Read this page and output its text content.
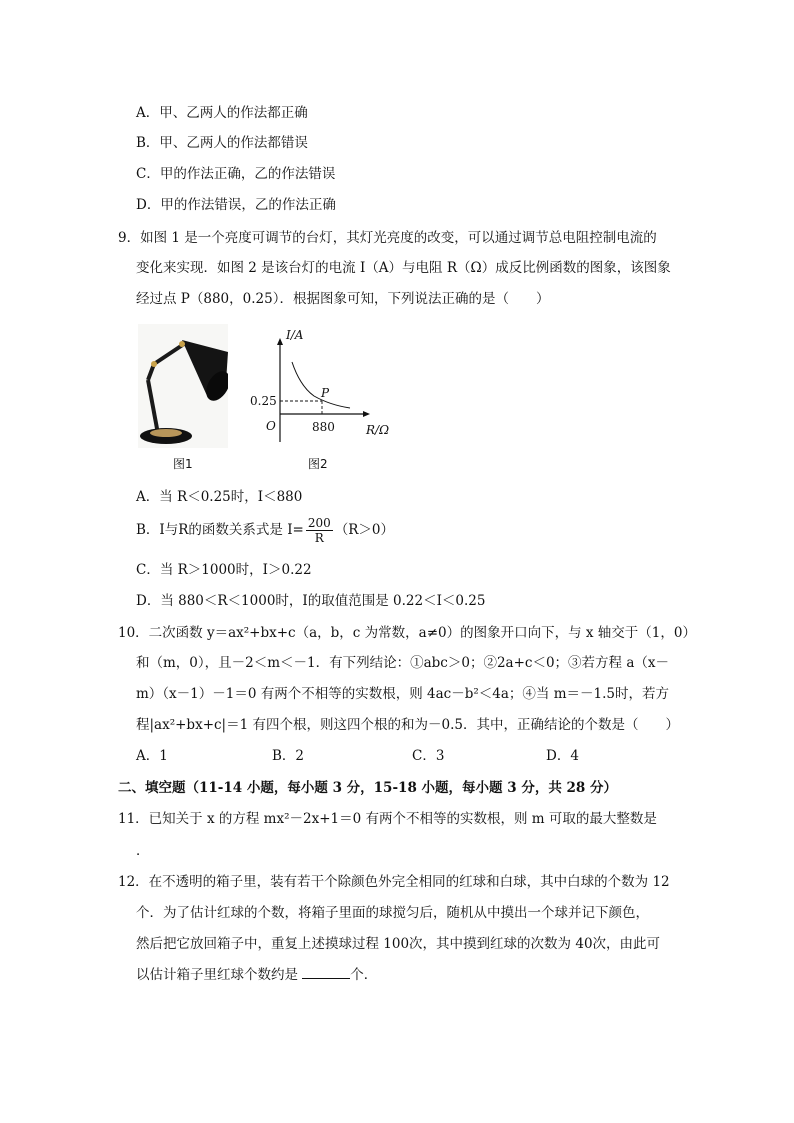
A．甲、乙两人的作法都正确
B．甲、乙两人的作法都错误
C．甲的作法正确，乙的作法错误
D．甲的作法错误，乙的作法正确
9．如图 1 是一个亮度可调节的台灯，其灯光亮度的改变，可以通过调节总电阻控制电流的
变化来实现．如图 2 是该台灯的电流 I（A）与电阻 R（Ω）成反比例函数的图象，该图象
经过点 P（880，0.25）．根据图象可知，下列说法正确的是（　　）
图1
I/A
R/Ω
O
0.25
880
P
图2
A．当 R＜0.25时，I＜880
B．I与R的函数关系式是 $I= \frac{200}{R} (R>0)$
C．当 R＞1000时，I＞0.22
D．当 880＜R＜1000时，I的取值范围是 0.22＜I＜0.25
10．二次函数 y＝ax²+bx+c（a，b，c 为常数，a≠0）的图象开口向下，与 x 轴交于（1，0）
和（m，0），且－2＜m＜－1．有下列结论：①abc＞0；②2a+c＜0；③若方程 a（x－
m）（x－1）－1＝0 有两个不相等的实数根，则 4ac－b²＜4a；④当 m＝－1.5时，若方
程|ax²+bx+c|＝1 有四个根，则这四个根的和为－0.5．其中，正确结论的个数是（　　）
A．1	B．2	C．3	D．4
二、填空题（11-14 小题，每小题 3 分，15-18 小题，每小题 3 分，共 28 分）
11．已知关于 x 的方程 mx²－2x+1＝0 有两个不相等的实数根，则 m 可取的最大整数是
．
12．在不透明的箱子里，装有若干个除颜色外完全相同的红球和白球，其中白球的个数为 12
个．为了估计红球的个数，将箱子里面的球搅匀后，随机从中摸出一个球并记下颜色，
然后把它放回箱子中，重复上述摸球过程 100次，其中摸到红球的次数为 40次，由此可
以估计箱子里红球个数约是	个．
